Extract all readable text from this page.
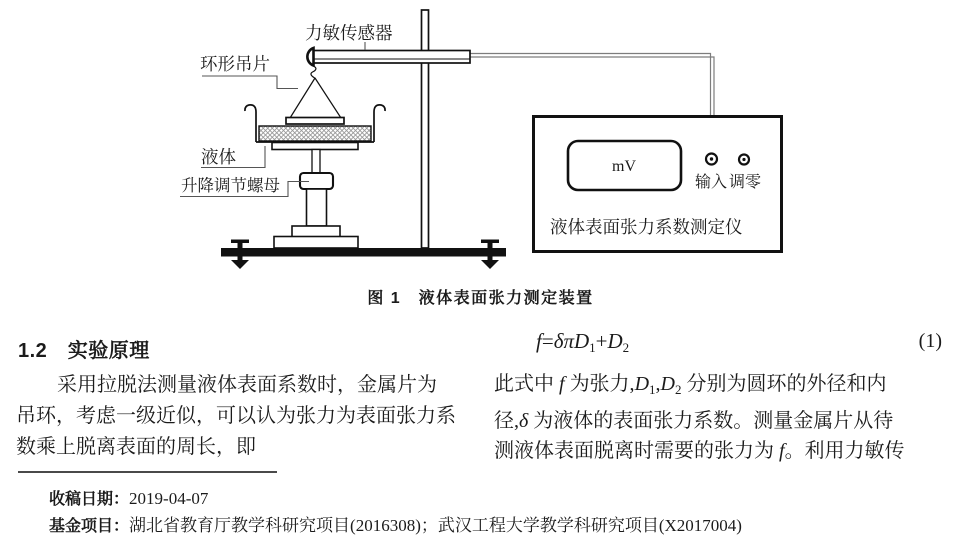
力敏传感器
环形吊片
液体
升降调节螺母
mV
输入 调零
液体表面张力系数测定仪
图 1　液体表面张力测定装置
1.2　实验原理
采用拉脱法测量液体表面系数时，金属片为
吊环，考虑一级近似，可以认为张力为表面张力系
数乘上脱离表面的周长，即
f=δπD1+D2	(1)
此式中 f 为张力$,D_1,D_2$ 分别为圆环的外径和内
径,δ 为液体的表面张力系数。测量金属片从待
测液体表面脱离时需要的张力为 f。利用力敏传
收稿日期：2019-04-07
基金项目：湖北省教育厅教学科研究项目(2016308)；武汉工程大学教学科研究项目(X2017004)
